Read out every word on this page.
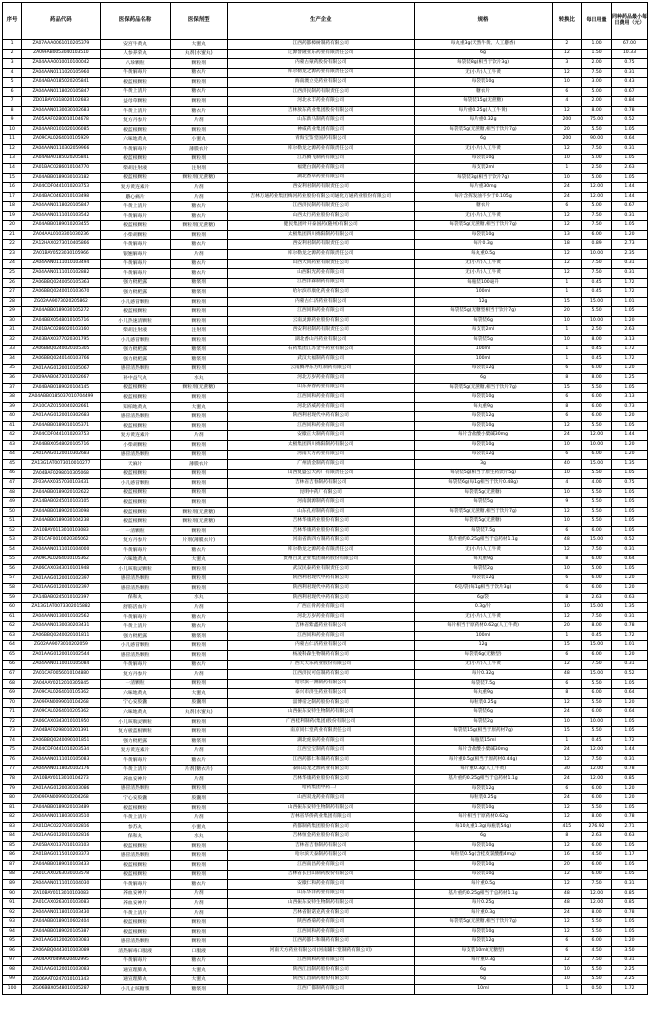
序号	药品代码	医保药品名称	医保剂型	生产企业	规格	转换比	每日用量	同种药品最小每日费用（元）
1	ZA07AAA0061010205379	安宫牛黄丸	大蜜丸	江西药都樟树制药有限公司	每丸重3g(天然牛黄、人工麝香)	2	1.00	67.00
2	ZA09FAB0053040103510	人参养荣丸	丸剂(水蜜丸)	辽源誉隆亚东药业有限责任公司	6g	12	1.50	10.33
3	ZA04AAA0010010100042	八珍颗粒	颗粒剂	内蒙古蒙药股份有限公司	每袋装8g(相当于饮片3g)	3	2.00	0.75
4	ZA04AAN0111020105960	牛黄解毒片	糖衣片	库尔勒龙之源药业有限责任公司	无(小片)人工牛黄	12	7.50	0.31
5	ZA04ABA0185020205841	板蓝根颗粒	颗粒剂	海南澳立克药业有限公司	每袋装10g	10	3.00	0.43
6	ZA04AAN0118020105847	牛黄上清片	糖衣片	江西济民制药有限责任公司	糖衣片	6	5.00	0.67
7	ZD01BAY0318020102683	益母草颗粒	颗粒剂	河北永丰药业有限公司	每袋装15g(无蔗糖)	4	2.00	0.84
8	ZA04AAN0130030102683	牛黄上清片	糖衣片	吉林敖东药业集团股份有限公司	每片重0.25g(人工牛黄)	12	8.00	0.78
9	ZA05AAF0280010104678	复方丹参片	片剂	山东新马制药有限公司	每片重0.32g	200	75.00	0.52
10	ZA04AAR0101020106085	板蓝根颗粒	颗粒剂	神威药业集团有限公司	每袋装5g(无蔗糖,相当于饮片7g)	20	5.50	1.05
11	ZA09CAL0264010105929	六味地黄丸	小蜜丸	青海宝鉴堂国药有限公司	6g	200	90.00	0.64
12	ZA04AAN0110302059966	牛黄解毒片	薄膜衣片	库尔勒龙之源药业有限责任公司	无(小片)人工牛黄	12	7.50	0.31
13	ZA04ABA0185020205841	板蓝根颗粒	颗粒剂	江苏腾飞制药有限公司	每袋装10g	10	5.00	1.05
14	ZA01BAC0286010104770	柴胡注射液	注射剂	福建白润药业有限公司	每支装2ml	1	2.50	2.63
15	ZA04ABB0189030103182	板蓝根颗粒	颗粒剂(无蔗糖)	湖北香草药业有限公司	每袋装3g(相当于饮片7g)	10	5.00	1.05
16	ZA04CDF0441010203753	复方黄连素片	片剂	西安利君制药有限责任公司	每片重30mg	24	12.00	1.44
17	ZA04BAC0462010103498	麝心痛片	片剂	吉林万通药业集团梅河药业股份有限公司通化万通药业股份有限公司	每片含挥发油不少于0.105g	24	12.00	1.44
18	ZA04AAN0118020105847	牛黄上清片	糖衣片	江西济民制药有限责任公司	糖衣片	6	5.00	0.67
19	ZA04AAN0111010103542	牛黄解毒片	糖衣片	山西太行药业股份有限公司	无(小片)人工牛黄	12	7.50	0.31
20	ZA04ABB0189010203455	板蓝根颗粒	颗粒剂(无蔗糖)	健民集团叶开泰国药(随州)有限公司	每袋装5g(无蔗糖,相当于饮片7g)	12	7.50	1.05
21	ZA04AAL0103301030236	小柴胡颗粒	颗粒剂	太极集团四川绵阳制药有限公司	每袋装10g	13	6.00	1.20
22	ZA12HAX0273010405866	牛黄解毒片	糖衣片	西安利君制药有限责任公司	每片0.3g	18	0.89	2.73
23	ZA01BAY0523030105966	银翘解毒片	片剂	库尔勒龙之源药业有限责任公司	每丸重0.5g	12	10.00	2.35
24	ZA04AAN0111010103494	牛黄解毒片	糖衣片	山西大同药业有限责任公司	无(小片)人工牛黄	12	7.50	0.31
25	ZA04AAN0111010102882	牛黄解毒片	糖衣片	山西阳光药业有限公司	无(小片)人工牛黄	12	7.50	0.31
26	ZA06BBQ0240050105363	强力枇杷露	糖浆剂	江西洋森制药有限公司	每瓶装100毫升	1	0.45	1.72
27	ZA06BBQ0240010103670	强力枇杷露	糖浆剂	哈尔滨市康化药业有限公司	100ml	1	0.45	1.72
28	ZG02AA9073020205862	小儿感冒颗粒	颗粒剂	内蒙古仁济药业有限公司	12g	15	15.00	1.01
29	ZA04ABB0189030105272	板蓝根颗粒	颗粒剂	江西同和药业有限公司	每袋装5g(无糖型相当于饮片7g)	20	5.50	1.05
30	ZA04BBX0548010105716	小儿热速清颗粒	颗粒剂	云南灵源药业股份有限公司	每袋装6g	10	10.00	1.20
31	ZA01BAC0286020103160	柴胡注射液	注射剂	西安利君制药有限责任公司	每支装2ml	1	2.50	2.63
32	ZA03BAX0377020301795	小儿感冒颗粒	颗粒剂	湖北香山丹药业有限公司	每袋装5g	10	8.00	3.13
33	ZA06BBQ0240020105305	强力枇杷露	糖浆剂	石药集团江苏金牛药业有限公司	100ml	1	0.45	1.72
34	ZA06BBQ0240140103766	强力枇杷露	糖浆剂	武汉大福制药有限公司	100ml	1	0.45	1.72
35	ZA01AAG0120010105067	感冒清热颗粒	颗粒剂	云南腾冲东方红制药有限公司	每袋装12g	6	6.00	1.20
36	ZA09AAB0472010202667	补中益气丸	水丸	河北万岁药业有限公司	6g	8	8.00	1.25
37	ZA04BAB0189020104145	板蓝根颗粒	颗粒剂(无蔗糖)	山东养春药业有限公司	每袋装5g(无蔗糖,相当于饮片7g)	15	5.50	1.05
38	ZA04ABB0185037010704499	板蓝根颗粒	颗粒剂	江西同和药业有限公司	每袋装10g	6	6.00	3.13
39	ZA10CAZ0150040202661	知柏地黄丸	大蜜丸	河北济威药业有限公司	每丸重9g	8	6.00	0.73
40	ZA01AAG0120010302683	感冒清热颗粒	颗粒剂	陕西利君现代中药有限公司	每袋装12g	6	6.00	1.20
41	ZA04ABB0189010105371	板蓝根颗粒	颗粒剂	江西同和药业有限公司	每袋装10g	12	5.50	1.05
42	ZA04CDF0441010203753	复方黄连素片	片剂	安徽正大制药有限公司	每片含盐酸小檗碱30mg	24	12.00	1.44
43	ZA04BBX0548020105716	小柴胡颗粒	颗粒剂	太极集团四川绵阳制药有限公司	每袋装10g	10	10.00	1.20
44	ZA01AAG0120010302683	感冒清热颗粒	颗粒剂	河南天方药业有限公司	每袋装12g	6	6.00	1.20
45	ZA13G1AT0073010010277	天麻片	薄膜衣片	广州清金制药有限公司	3g	40	15.00	1.35
46	ZA04BAF0298010305068	板蓝根颗粒	颗粒剂	山西复盛公大药厂有限责任公司	每袋装5g(相当于原生药饮片5g)	10	5.50	1.05
47	ZF03AAX0357030103431	小儿感冒颗粒	颗粒剂	吉林省吉春制药有限公司	每袋装6g(每1g相当于饮片0.48g)	4	4.00	0.75
48	ZA04ABB0189020102622	板蓝根颗粒	颗粒剂	昆明中药厂有限公司	每袋装5g(无蔗糖)	10	5.50	1.05
49	ZA14BAB0245010103105	板蓝根颗粒	颗粒剂	河南润源制药有限公司	每袋装5g	9	5.50	1.05
50	ZA04ABB0189020103098	板蓝根颗粒	颗粒剂(无蔗糖)	山东孔府制药有限公司	每袋装5g(无蔗糖,相当于饮片7g)	12	5.50	1.05
51	ZA04ABB0189030104238	板蓝根颗粒	颗粒剂(无蔗糖)	吉林华康药业股份有限公司	每袋装5g(无蔗糖)	10	5.50	1.05
52	ZA10BAY0113010103083	一清颗粒	颗粒剂	吉林华康药业股份有限公司	每袋装7.5g	6	6.00	1.05
53	ZF01CAF0010020305062	复方丹参片	片剂(薄膜衣片)	河南省新四方制药有限公司	基片重约0.25g相当于总药材1.1g	48	15.00	0.52
54	ZA04AAN0111010104000	牛黄解毒片	糖衣片	库尔勒龙之源药业有限责任公司	无(小片)人工牛黄	12	7.50	0.31
55	ZA09CAL0264010105362	六味地黄丸	大蜜丸	贵州百灵企业集团制药股份有限公司	每丸重9g	8	6.00	0.64
56	ZA06CAX0343010101948	小儿咳喘灵颗粒	颗粒剂	武汉民泰药业有限责任公司	每袋装2g	10	5.00	1.05
57	ZA01AAG0120010102397	感冒清热颗粒	颗粒剂	陕西利君现代中药有限公司	每袋装12g	6	6.00	1.20
58	ZA01AAG0120010102397	感冒清热颗粒	颗粒剂	陕西利君现代中药有限公司	6克/袋(每1g相当于饮片3g)	6	6.00	1.20
59	ZA14BAB0245010102397	保和丸	水丸	陕西利君现代中药有限公司	6g/袋	8	2.63	0.63
60	ZA13G1AT0073302015882	舒筋活血片	片剂	广西正骨药业有限公司	0.3g/片	10	15.00	1.35
61	ZA04AAN0130010102562	牛黄解毒片	糖衣片	河北万岁药业有限公司	无(小片)人工牛黄	12	7.50	0.31
62	ZA04AAN0130030203431	牛黄上清片	糖衣片	吉林省紫鑫药业有限公司	每片相当于原药材0.62g(人工牛黄)	20	8.00	0.78
63	ZA06BBQ0240020101811	强力枇杷露	糖浆剂	江西同和药业有限公司	100ml	1	0.45	1.72
64	ZG02AA9073010202059	小儿感冒颗粒	颗粒剂	内蒙古仁济药业有限公司	12g	15	15.00	1.01
65	ZA01AAG0120010102544	感冒清热颗粒	颗粒剂	杨凌科森生物制药有限公司	每袋装6g(无糖型)	6	6.00	1.20
66	ZA04AAN0110010105084	牛黄解毒片	糖衣片	广西天天乐药业股份有限公司	无(小片)人工牛黄	12	7.50	0.31
67	ZA01CAF0056010104880	复方丹参片	片剂	江西济民可信制药有限公司	每片0.32g	48	15.00	0.52
68	ZA04AAY0212010305845	一清颗粒	颗粒剂	哈尔滨一洲制药有限公司	每袋装7.5g	6	5.50	1.05
69	ZA09CAL0264010105362	六味地黄丸	大蜜丸	泰兴市济生药业有限公司	每丸重9g	8	6.00	0.64
70	ZA09FAN0099010104268	宁心安胶囊	胶囊剂	淄博帝之制药股份有限公司	每粒装0.25g	12	5.50	1.20
71	ZA09CAL0264010205362	六味地黄丸	丸剂(水蜜丸)	山西振东安特生物制药有限公司	每袋装6g	24	6.00	0.64
72	ZA06CAX0343010101950	小儿咳喘灵颗粒	颗粒剂	广西桂利制药(集团)股份有限公司	每袋装2g	10	10.00	1.05
73	ZA04BAF0298010201391	复方板蓝根颗粒	颗粒剂	南京同仁堂药业有限责任公司	每袋装15g(相当于原药材7g)	15	5.50	1.05
74	ZA06BBQ0240090101851	强力枇杷露	糖浆剂	湖北虎泉药业有限公司	每瓶装15ml	1	0.45	1.72
75	ZA04CDF0441010203534	复方黄连素片	片剂	江西宝宝制药有限公司	每片含盐酸小檗碱30mg	24	12.00	1.44
76	ZA04AAN0111010105083	牛黄解毒片	糖衣片	江西药都仁和制药有限公司	每片重0.5g(相当于原药材0.44g)	12	7.50	0.31
77	ZA04AAN0118020102176	牛黄上清片	片剂(糖衣片)	泰阳岛龙之源药业有限公司	每片重0.3g(人工牛黄)	30	12.00	0.78
78	ZA10BAY0113010104273	养血安神片	片剂	吉林华康药业股份有限公司	基片重约0.25g相当于总药材1.1g	24	12.00	0.85
79	ZA01AAG0120030103086	感冒清热颗粒	颗粒剂	哈药集团中药二厂	每袋装12g	6	6.00	1.20
80	ZA09FAN0099010204268	宁心安胶囊	胶囊剂	山西双龙药业有限公司	每粒装0.25g	24	6.00	1.20
81	ZA04ABB0189020103489	板蓝根颗粒	颗粒剂	山西振东安特生物制药有限公司	每袋装10g	12	5.50	1.05
82	ZA04AAN0118030103510	牛黄上清片	片剂	吉林省华侨药业集团有限公司	每片相当于原药材0.62g	12	8.00	0.78
83	ZA01DAC0227030102816	参苏丸	小蜜丸	药都制药集团股份有限公司	每10丸重1.3g(每瓶装54g)	415	276.92	2.71
84	ZA01AAG0120010102816	保和丸	水丸	吉林恒金药业股份有限公司	6g	8	2.63	0.63
85	ZA05BAX0137010103103	板蓝根颗粒	颗粒剂	吉林省吉春制药有限公司	每袋装10g	12	6.00	1.05
86	ZA01BAG0115010203373	感冒清热颗粒	颗粒剂	哈尔滨天泰制药有限公司	每粒装0.5g(含桂皮氯酸酯4mg)	16	4.50	1.17
87	ZA04ABB0189010103433	板蓝根颗粒	颗粒剂	江西南昌药业有限公司	每袋装10g	20	6.00	1.05
88	ZA01CAX0263030103578	板蓝根颗粒	颗粒剂	吉林省长白山制药股份有限公司	每袋装10g	12	6.00	1.05
89	ZA04AAN0111010104030	牛黄解毒片	糖衣片	安徽仁和药业有限公司	每片重0.5g	12	7.50	0.31
90	ZA10BAY0113010103083	养血安神片	片剂	山东华洋药业有限公司	基片重约0.25g相当于总药材1.1g	48	12.00	0.85
91	ZA01CAX0263010103083	养血安神片	片剂	山西振东安特生物制药有限公司	每片0.25g	48	12.00	0.85
92	ZA04AAN0118010103430	牛黄上清片	片剂	吉林省银诺克药业有限公司	每片重0.3g	24	8.00	0.78
93	ZA04ABB0189010602404	板蓝根颗粒	颗粒剂	陕西香菊药业有限公司	每袋装5g(无蔗糖,相当于饮片7g)	12	5.50	1.05
94	ZA04ABB0189020105387	板蓝根颗粒	颗粒剂	江西同和药业有限公司	每袋装10g	12	5.50	1.05
95	ZA01AAG0120020103083	感冒清热颗粒	颗粒剂	江西药都仁和制药有限公司	每袋装12g	6	6.00	1.20
96	ZA06ABQ0443010103089	清热解毒口服液	口服液	河南天方药业有限公司(河南辅仁堂制药有限公司)	每支装10ml(无糖型)	6	4.50	3.50
97	ZA04AAY0499020402995	牛黄解毒片	糖衣片	江西同和药业有限公司	每片重0.3g	12	7.50	0.31
98	ZA01AAG0120010103083	通宣理肺丸	大蜜丸	陕西江昌制药股份有限公司	6g	10	5.50	2.25
99	ZG06AAT0247010101343	通宣理肺丸	大蜜丸	陕西江昌制药股份有限公司	6g	10	5.50	2.25
100	ZG06BBX0548010105287	小儿止咳糖浆	糖浆剂	江西广都制药有限公司	10ml	1	0.50	1.72
